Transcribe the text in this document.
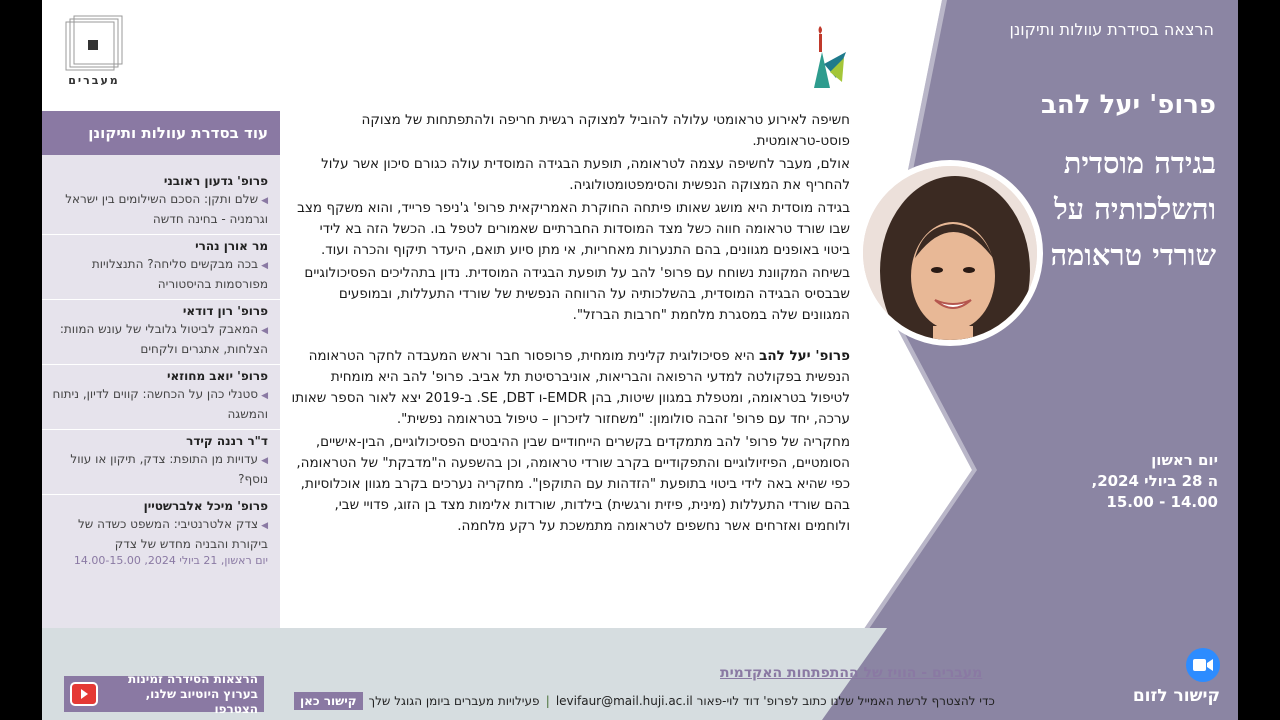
הרצאה בסידרת עוולות ותיקונן
פרופ' יעל להב
בגידה מוסדית והשלכותיה על שורדי טראומה
יום ראשון
ה 28 ביולי 2024,
14.00 - 15.00
מעברים
עוד בסדרת עוולות ותיקונן
פרופ' גדעון ראובני
◀שלם ותקן: הסכם השילומים בין ישראל וגרמניה - בחינה חדשה
מר אורן נהרי
◀בכה מבקשים סליחה? התנצלויות מפורסמות בהיסטוריה
פרופ' רון דודאי
◀המאבק לביטול גלובלי של עונש המוות: הצלחות, אתגרים ולקחים
פרופ' יואב מחוזאי
◀סטנלי כהן על הכחשה: קווים לדיון, ניתוח והמשגה
ד"ר רננה קידר
◀עדויות מן התופת: צדק, תיקון או עוול נוסף?
פרופ' מיכל אלברשטיין
◀צדק אלטרנטיבי: המשפט כשדה של ביקורת והבניה מחדש של צדק
יום ראשון, 21 ביולי 2024, 14.00-15.00

חשיפה לאירוע טראומטי עלולה להוביל למצוקה רגשית חריפה ולהתפתחות של מצוקה פוסט-טראומטית.

אולם, מעבר לחשיפה עצמה לטראומה, תופעת הבגידה המוסדית עולה כגורם סיכון אשר עלול להחריף את המצוקה הנפשית והסימפטומטולוגיה.

בגידה מוסדית היא מושג שאותו פיתחה החוקרת האמריקאית פרופ' ג'ניפר פרייד, והוא משקף מצב שבו שורד טראומה חווה כשל מצד המוסדות החברתיים שאמורים לטפל בו. הכשל הזה בא לידי ביטוי באופנים מגוונים, בהם התנערות מאחריות, אי מתן סיוע תואם, היעדר תיקוף והכרה ועוד.

בשיחה המקוונת נשוחח עם פרופ' להב על תופעת הבגידה המוסדית. נדון בתהליכים הפסיכולוגיים שבבסיס הבגידה המוסדית, בהשלכותיה על הרווחה הנפשית של שורדי התעללות, ובמופעים המגוונים שלה במסגרת מלחמת "חרבות הברזל".

פרופ' יעל להב היא פסיכולוגית קלינית מומחית, פרופסור חבר וראש המעבדה לחקר הטראומה הנפשית בפקולטה למדעי הרפואה והבריאות, אוניברסיטת תל אביב. פרופ' להב היא מומחית לטיפול בטראומה, ומטפלת במגוון שיטות, בהן EMDR-ו SE ,DBT. ב-2019 יצא לאור הספר שאותו ערכה, יחד עם פרופ' זהבה סולומון: "משחזור לזיכרון – טיפול בטראומה נפשית".

מחקריה של פרופ' להב מתמקדים בקשרים הייחודיים שבין ההיבטים הפסיכולוגיים, הבין-אישיים, הסומטיים, הפיזיולוגיים והתפקודיים בקרב שורדי טראומה, וכן בהשפעה ה"מדבקת" של הטראומה, כפי שהיא באה לידי ביטוי בתופעת "הזדהות עם התוקפן". מחקריה נערכים בקרב מגוון אוכלוסיות, בהם שורדי התעללות (מינית, פיזית ורגשית) בילדות, שורדות אלימות מצד בן הזוג, פדויי שבי, ולוחמים ואזרחים אשר נחשפים לטראומה מתמשכת על רקע מלחמה.

מעברים - הוויז של ההתפתחות האקדמית
כדי להצטרף לרשת האמייל שלנו כתוב לפרופ' דוד לוי-פאור levifaur@mail.huji.ac.il
|
פעילויות מעברים ביומן הגוגל שלך
קישור כאן
הרצאות הסידרה זמינות
בערוץ היוטיוב שלנו, הצטרפו
קישור לזום
